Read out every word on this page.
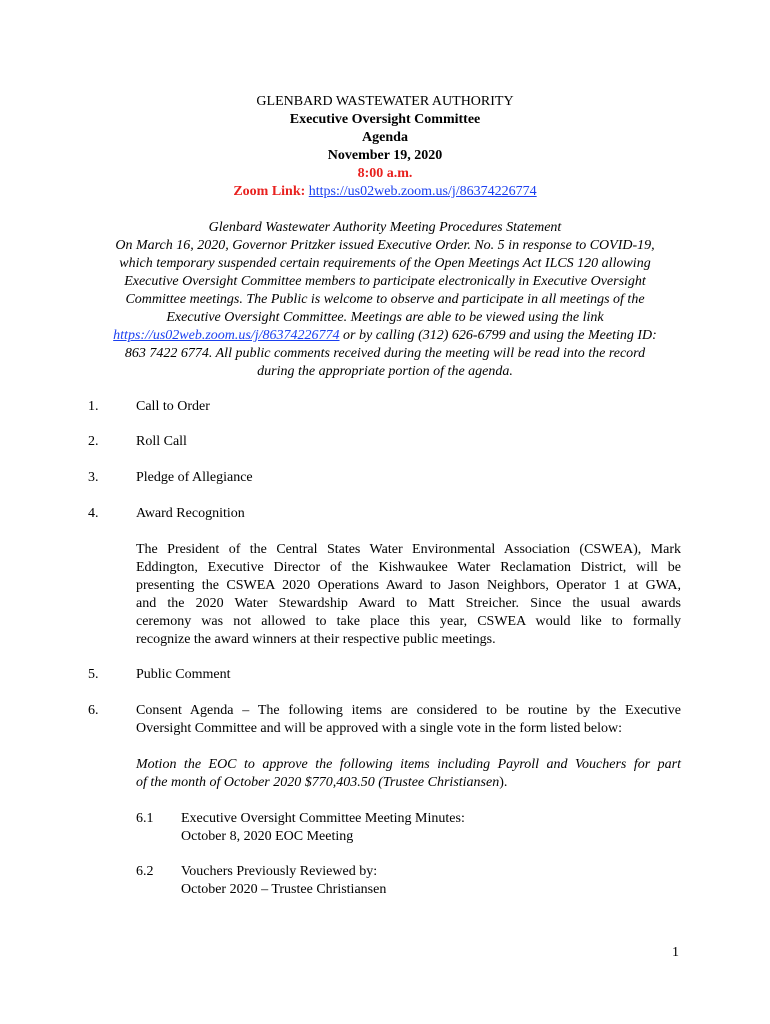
GLENBARD WASTEWATER AUTHORITY
Executive Oversight Committee
Agenda
November 19, 2020
8:00 a.m.
Zoom Link: https://us02web.zoom.us/j/86374226774
Glenbard Wastewater Authority Meeting Procedures Statement
On March 16, 2020, Governor Pritzker issued Executive Order. No. 5 in response to COVID-19,
which temporary suspended certain requirements of the Open Meetings Act ILCS 120 allowing
Executive Oversight Committee members to participate electronically in Executive Oversight
Committee meetings. The Public is welcome to observe and participate in all meetings of the
Executive Oversight Committee. Meetings are able to be viewed using the link
https://us02web.zoom.us/j/86374226774 or by calling (312) 626-6799 and using the Meeting ID:
863 7422 6774. All public comments received during the meeting will be read into the record
during the appropriate portion of the agenda.
1.	Call to Order
2.	Roll Call
3.	Pledge of Allegiance
4.	Award Recognition
The President of the Central States Water Environmental Association (CSWEA), Mark
Eddington, Executive Director of the Kishwaukee Water Reclamation District, will be
presenting the CSWEA 2020 Operations Award to Jason Neighbors, Operator 1 at GWA,
and the 2020 Water Stewardship Award to Matt Streicher. Since the usual awards
ceremony was not allowed to take place this year, CSWEA would like to formally
recognize the award winners at their respective public meetings.
5.	Public Comment
6.	Consent Agenda – The following items are considered to be routine by the Executive
Oversight Committee and will be approved with a single vote in the form listed below:
Motion the EOC to approve the following items including Payroll and Vouchers for part
of the month of October 2020 $770,403.50 (Trustee Christiansen).
6.1 Executive Oversight Committee Meeting Minutes:
October 8, 2020 EOC Meeting
6.2 Vouchers Previously Reviewed by:
October 2020 – Trustee Christiansen
1
